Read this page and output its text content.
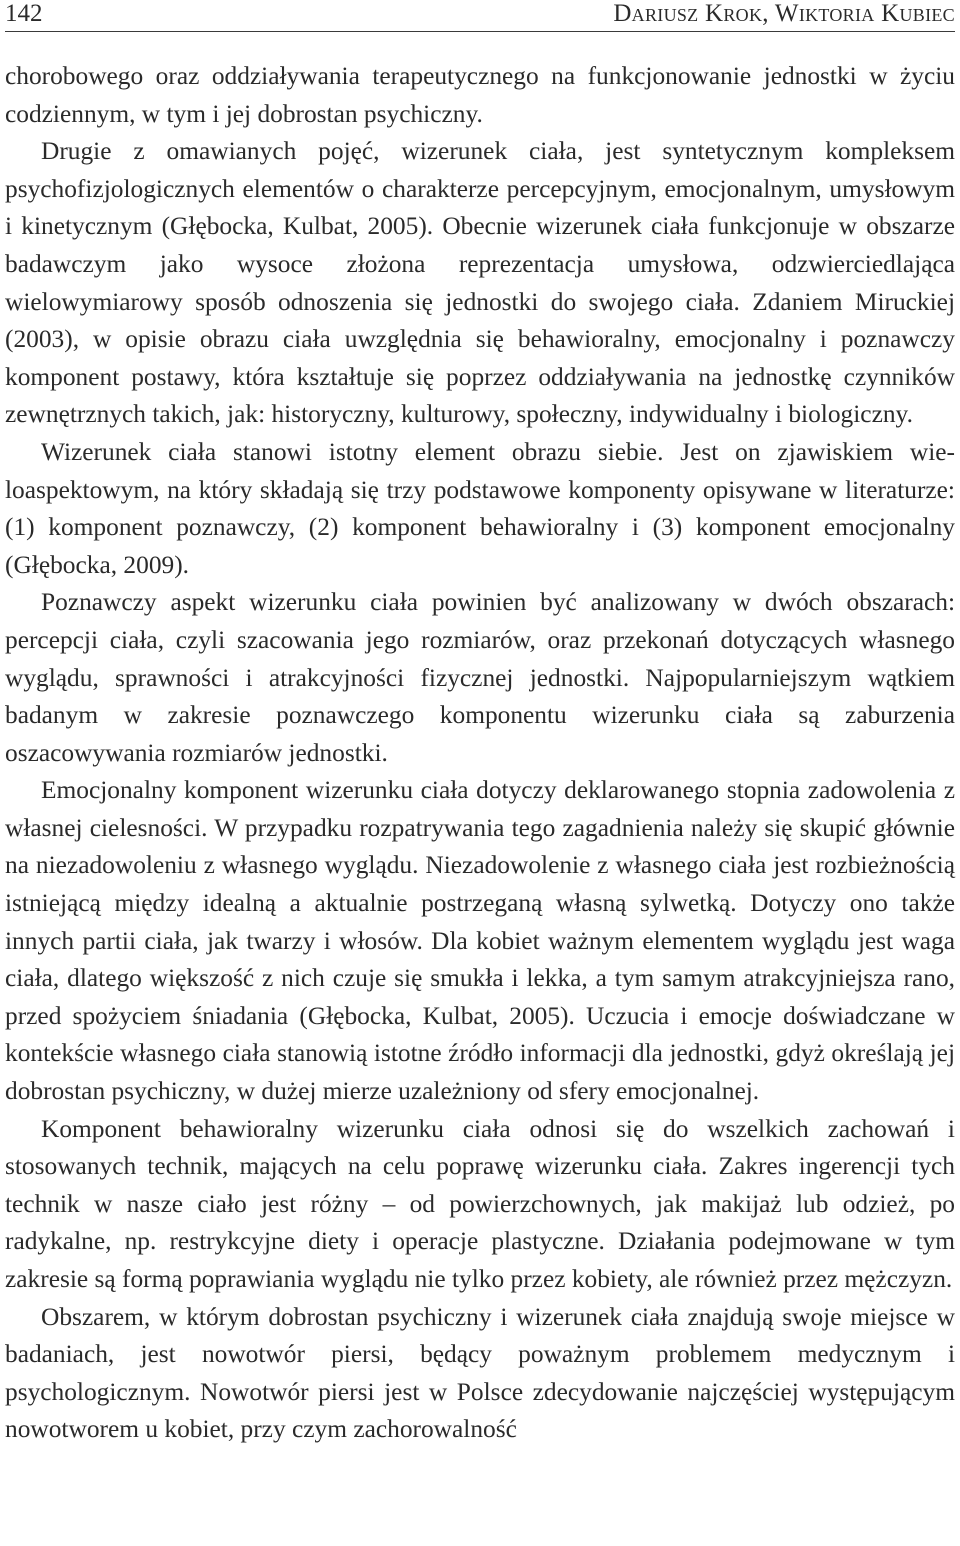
142	Dariusz Krok, Wiktoria Kubiec

chorobowego oraz oddziaływania terapeutycznego na funkcjonowanie jednostki w życiu codziennym, w tym i jej dobrostan psychiczny.

Drugie z omawianych pojęć, wizerunek ciała, jest syntetycznym kompleksem psychofizjologicznych elementów o charakterze percepcyjnym, emocjonalnym, umysłowym i kinetycznym (Głębocka, Kulbat, 2005). Obecnie wizerunek ciała funkcjonuje w obszarze badawczym jako wysoce złożona reprezentacja umysłowa, odzwierciedlająca wielowymiarowy sposób odnoszenia się jednostki do swojego ciała. Zdaniem Miruckiej (2003), w opisie obrazu ciała uwzględnia się behawioralny, emocjonalny i poznawczy komponent postawy, która kształtuje się poprzez oddziaływania na jednostkę czynników zewnętrznych takich, jak: historyczny, kulturowy, społeczny, indywidualny i biologiczny.

Wizerunek ciała stanowi istotny element obrazu siebie. Jest on zjawiskiem wieloaspektowym, na który składają się trzy podstawowe komponenty opisywane w literaturze: (1) komponent poznawczy, (2) komponent behawioralny i (3) komponent emocjonalny (Głębocka, 2009).

Poznawczy aspekt wizerunku ciała powinien być analizowany w dwóch obszarach: percepcji ciała, czyli szacowania jego rozmiarów, oraz przekonań dotyczących własnego wyglądu, sprawności i atrakcyjności fizycznej jednostki. Najpopularniejszym wątkiem badanym w zakresie poznawczego komponentu wizerunku ciała są zaburzenia oszacowywania rozmiarów jednostki.

Emocjonalny komponent wizerunku ciała dotyczy deklarowanego stopnia zadowolenia z własnej cielesności. W przypadku rozpatrywania tego zagadnienia należy się skupić głównie na niezadowoleniu z własnego wyglądu. Niezadowolenie z własnego ciała jest rozbieżnością istniejącą między idealną a aktualnie postrzeganą własną sylwetką. Dotyczy ono także innych partii ciała, jak twarzy i włosów. Dla kobiet ważnym elementem wyglądu jest waga ciała, dlatego większość z nich czuje się smukła i lekka, a tym samym atrakcyjniejsza rano, przed spożyciem śniadania (Głębocka, Kulbat, 2005). Uczucia i emocje doświadczane w kontekście własnego ciała stanowią istotne źródło informacji dla jednostki, gdyż określają jej dobrostan psychiczny, w dużej mierze uzależniony od sfery emocjonalnej.

Komponent behawioralny wizerunku ciała odnosi się do wszelkich zachowań i stosowanych technik, mających na celu poprawę wizerunku ciała. Zakres ingerencji tych technik w nasze ciało jest różny – od powierzchownych, jak makijaż lub odzież, po radykalne, np. restrykcyjne diety i operacje plastyczne. Działania podejmowane w tym zakresie są formą poprawiania wyglądu nie tylko przez kobiety, ale również przez mężczyzn.

Obszarem, w którym dobrostan psychiczny i wizerunek ciała znajdują swoje miejsce w badaniach, jest nowotwór piersi, będący poważnym problemem medycznym i psychologicznym. Nowotwór piersi jest w Polsce zdecydowanie najczęściej występującym nowotworem u kobiet, przy czym zachorowalność
